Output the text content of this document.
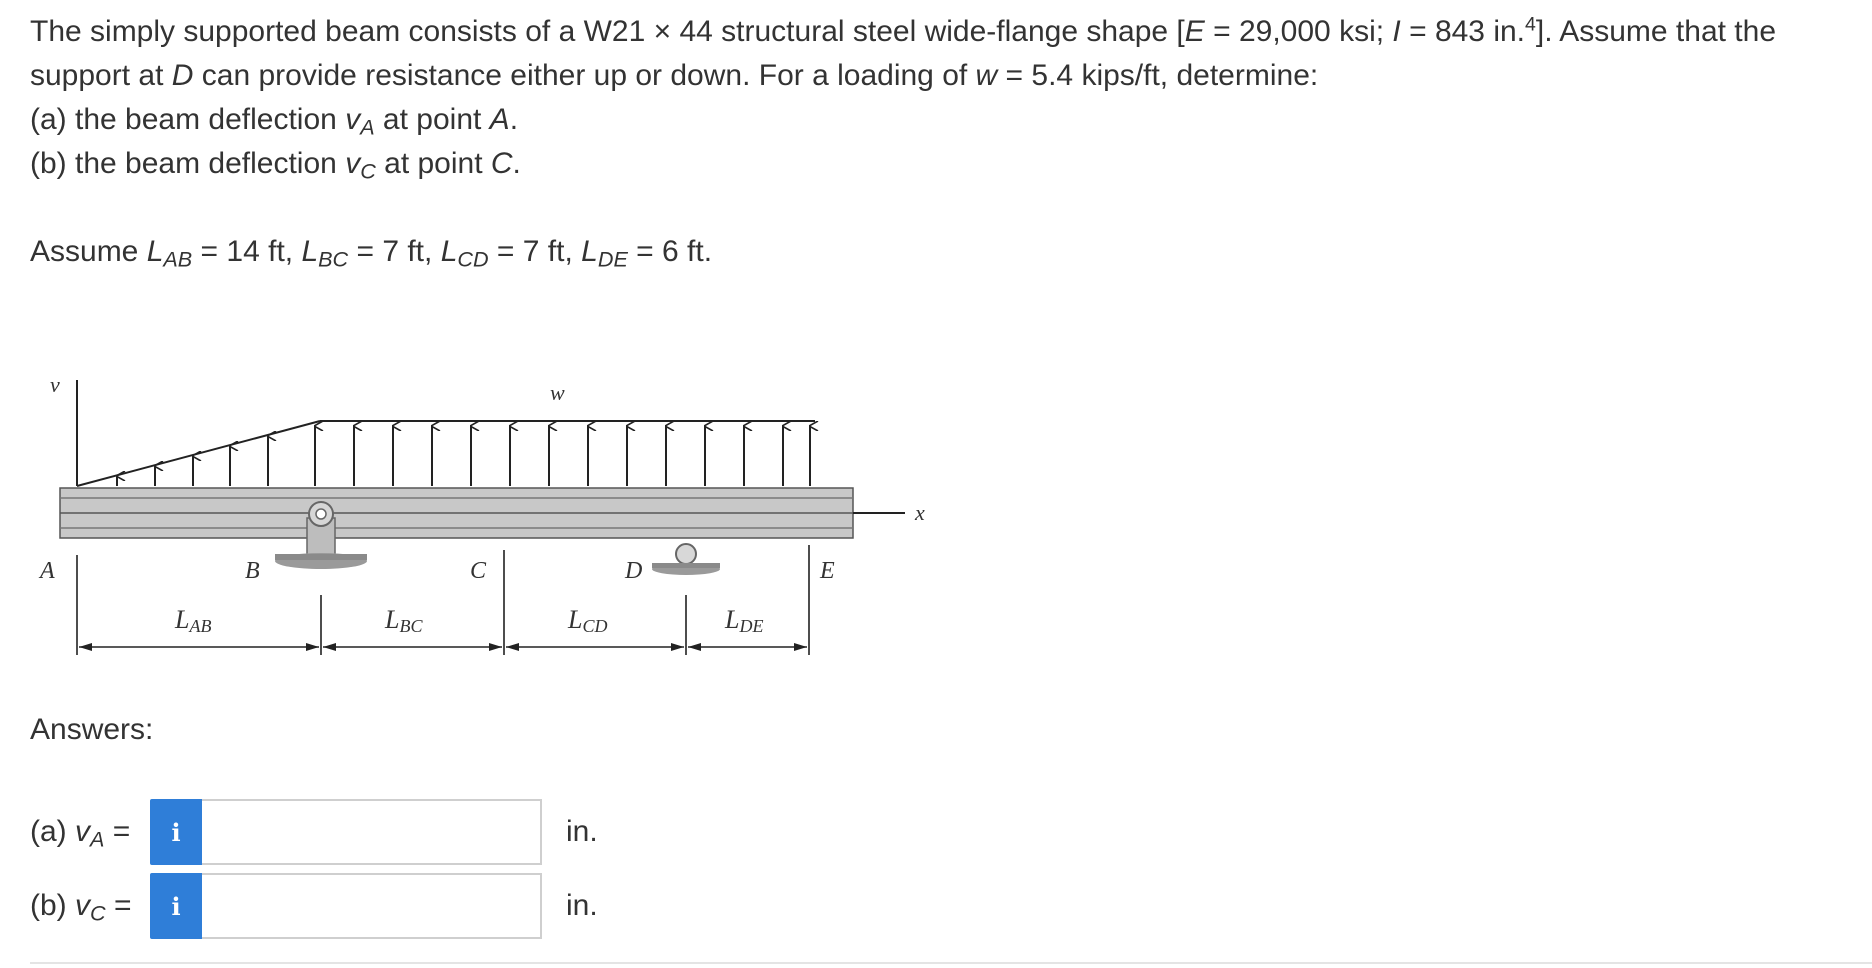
The simply supported beam consists of a W21 × 44 structural steel wide-flange shape [E = 29,000 ksi; I = 843 in.$^4$]. Assume that the

support at D can provide resistance either up or down. For a loading of w = 5.4 kips/ft, determine:

(a) the beam deflection $v_A$ at point A.

(b) the beam deflection $v_C$ at point C.

Assume $L_{AB} = 14$ ft, $L_{BC} = 7$ ft, $L_{CD} = 7$ ft, $L_{DE} = 6$ ft.
v	w
x
A	B	C	D	E
LAB	LBC	LCD	LDE
Answers:
(a) $v_A$ =	i	in.
(b) $v_C$ =	i	in.
